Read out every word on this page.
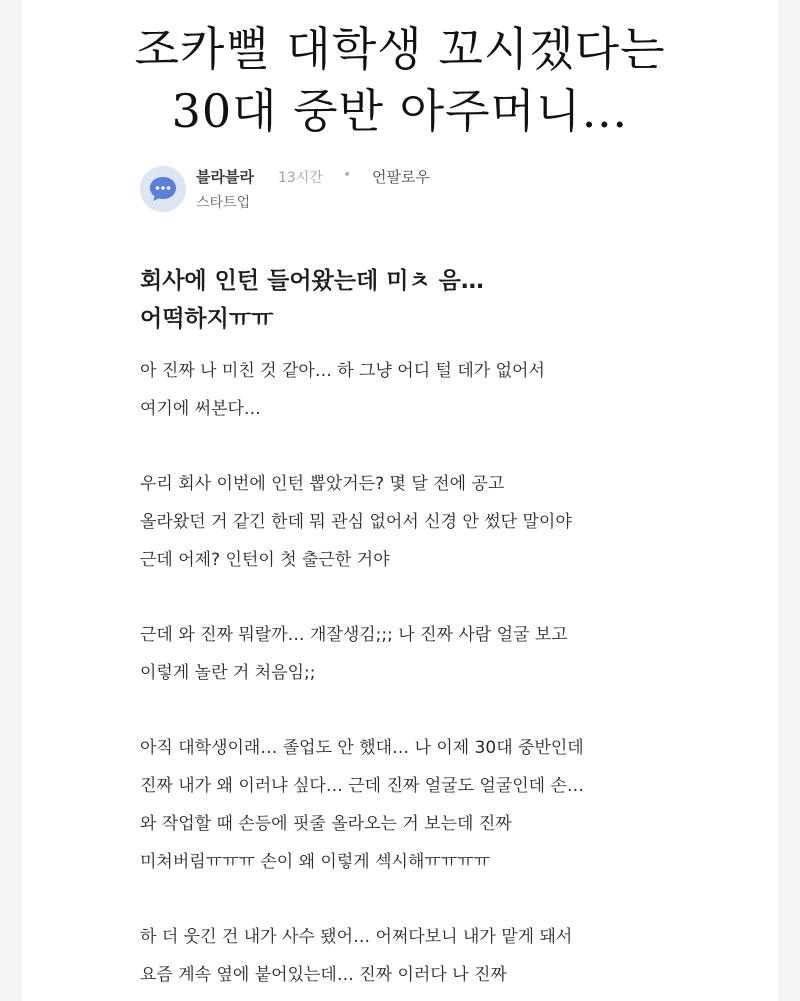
조카뻘 대학생 꼬시겠다는
30대 중반 아주머니…
블라블라 13시간 • 언팔로우
스타트업
회사에 인턴 들어왔는데 미ㅊ 음…
어떡하지ㅠㅠ
아 진짜 나 미친 것 같아… 하 그냥 어디 털 데가 없어서
여기에 써본다…
우리 회사 이번에 인턴 뽑았거든? 몇 달 전에 공고
올라왔던 거 같긴 한데 뭐 관심 없어서 신경 안 썼단 말이야
근데 어제? 인턴이 첫 출근한 거야
근데 와 진짜 뭐랄까… 개잘생김;;; 나 진짜 사람 얼굴 보고
이렇게 놀란 거 처음임;;
아직 대학생이래… 졸업도 안 했대… 나 이제 30대 중반인데
진짜 내가 왜 이러냐 싶다… 근데 진짜 얼굴도 얼굴인데 손…
와 작업할 때 손등에 핏줄 올라오는 거 보는데 진짜
미쳐버림ㅠㅠㅠ 손이 왜 이렇게 섹시해ㅠㅠㅠㅠ
하 더 웃긴 건 내가 사수 됐어… 어쩌다보니 내가 맡게 돼서
요즘 계속 옆에 붙어있는데… 진짜 이러다 나 진짜
